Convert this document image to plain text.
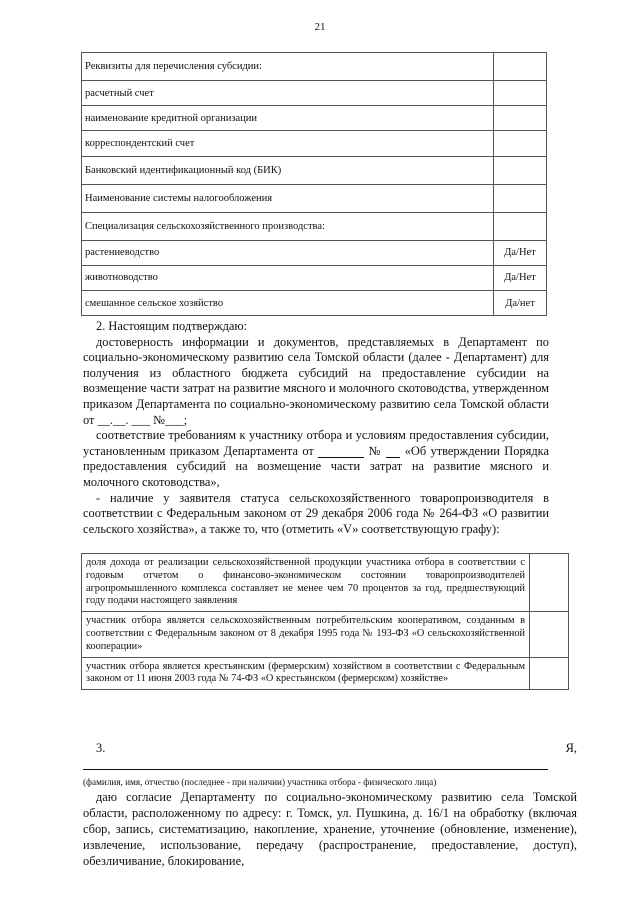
21
Реквизиты для перечисления субсидии:	
расчетный счет	
наименование кредитной организации	
корреспондентский счет	
Банковский идентификационный код (БИК)	
Наименование системы налогообложения	
Специализация сельскохозяйственного производства:	
растениеводство	Да/Нет
животноводство	Да/Нет
смешанное сельское хозяйство	Да/нет

2. Настоящим подтверждаю:

достоверность информации и документов, представляемых в Департамент по социально-экономическому развитию села Томской области (далее - Департамент) для получения из областного бюджета субсидий на предоставление субсидии на возмещение части затрат на развитие мясного и молочного скотоводства, утвержденном приказом Департамента по социально-экономическому развитию села Томской области от __.__. ___ №___;

соответствие требованиям к участнику отбора и условиям предоставления субсидии, установленным приказом Департамента от	№ «Об утверждении Порядка предоставления субсидий на возмещение части затрат на развитие мясного и молочного скотоводства»,

- наличие у заявителя статуса сельскохозяйственного товаропроизводителя в соответствии с Федеральным законом от 29 декабря 2006 года № 264-ФЗ «О развитии сельского хозяйства», а также то, что (отметить «V» соответствующую графу):

доля дохода от реализации сельскохозяйственной продукции участника отбора в соответствии с годовым отчетом о финансово-экономическом состоянии товаропроизводителей агропромышленного комплекса составляет не менее чем 70 процентов за год, предшествующий году подачи настоящего заявления	
участник отбора является сельскохозяйственным потребительским кооперативом, созданным в соответствии с Федеральным законом от 8 декабря 1995 года № 193-ФЗ «О сельскохозяйственной кооперации»	
участник отбора является крестьянским (фермерским) хозяйством в соответствии с Федеральным законом от 11 июня 2003 года № 74-ФЗ «О крестьянском (фермерском) хозяйстве»	

3. Я,

(фамилия, имя, отчество (последнее - при наличии) участника отбора - физического лица)

даю согласие Департаменту по социально-экономическому развитию села Томской области, расположенному по адресу: г. Томск, ул. Пушкина, д. 16/1 на обработку (включая сбор, запись, систематизацию, накопление, хранение, уточнение (обновление, изменение), извлечение, использование, передачу (распространение, предоставление, доступ), обезличивание, блокирование,
